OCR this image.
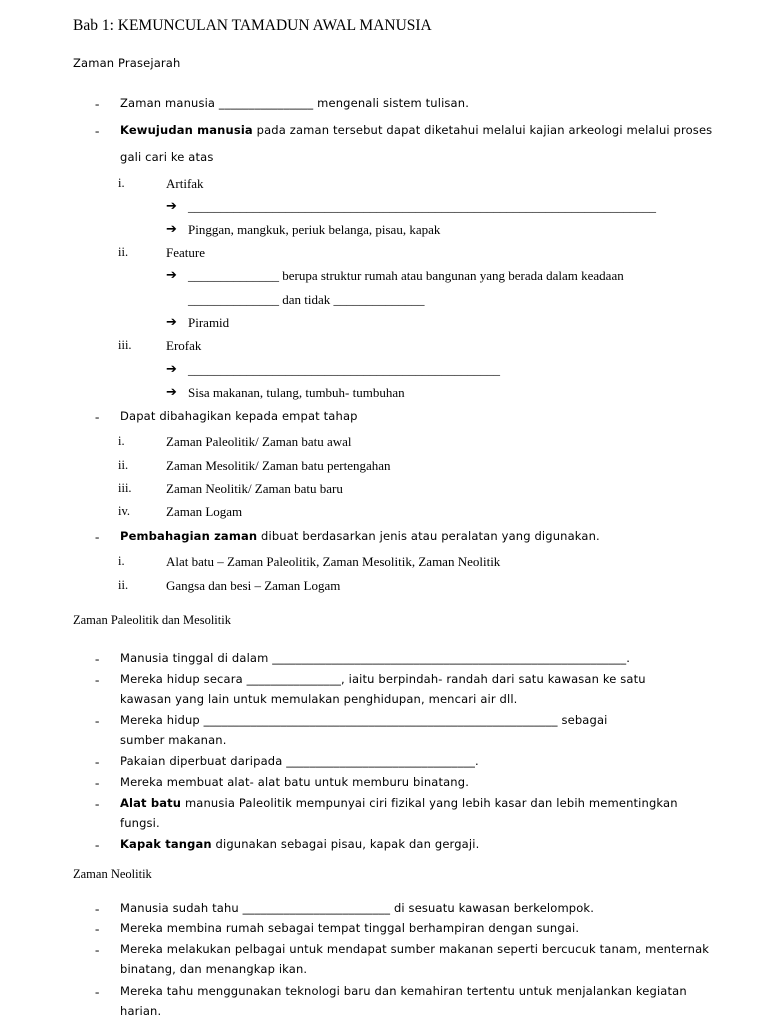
Bab 1: KEMUNCULAN TAMADUN AWAL MANUSIA
Zaman Prasejarah
- Zaman manusia ________________ mengenali sistem tulisan.
- Kewujudan manusia pada zaman tersebut dapat diketahui melalui kajian arkeologi melalui proses
gali cari ke atas
i.	Artifak
➔ ________________________________________________________________________
➔ Pinggan, mangkuk, periuk belanga, pisau, kapak
ii.	Feature
➔ ______________ berupa struktur rumah atau bangunan yang berada dalam keadaan
______________ dan tidak ______________
➔ Piramid
iii.	Erofak
➔ ________________________________________________
➔ Sisa makanan, tulang, tumbuh- tumbuhan
- Dapat dibahagikan kepada empat tahap
i.	Zaman Paleolitik/ Zaman batu awal
ii.	Zaman Mesolitik/ Zaman batu pertengahan
iii.	Zaman Neolitik/ Zaman batu baru
iv.	Zaman Logam
- Pembahagian zaman dibuat berdasarkan jenis atau peralatan yang digunakan.
i.	Alat batu – Zaman Paleolitik, Zaman Mesolitik, Zaman Neolitik
ii.	Gangsa dan besi – Zaman Logam
Zaman Paleolitik dan Mesolitik
- Manusia tinggal di dalam ____________________________________________________________.
- Mereka hidup secara ________________, iaitu berpindah- randah dari satu kawasan ke satu
kawasan yang lain untuk memulakan penghidupan, mencari air dll.
- Mereka hidup ____________________________________________________________ sebagai
sumber makanan.
- Pakaian diperbuat daripada ________________________________.
- Mereka membuat alat- alat batu untuk memburu binatang.
- Alat batu manusia Paleolitik mempunyai ciri fizikal yang lebih kasar dan lebih mementingkan
fungsi.
- Kapak tangan digunakan sebagai pisau, kapak dan gergaji.
Zaman Neolitik
- Manusia sudah tahu _________________________ di sesuatu kawasan berkelompok.
- Mereka membina rumah sebagai tempat tinggal berhampiran dengan sungai.
- Mereka melakukan pelbagai untuk mendapat sumber makanan seperti bercucuk tanam, menternak
binatang, dan menangkap ikan.
- Mereka tahu menggunakan teknologi baru dan kemahiran tertentu untuk menjalankan kegiatan
harian.
